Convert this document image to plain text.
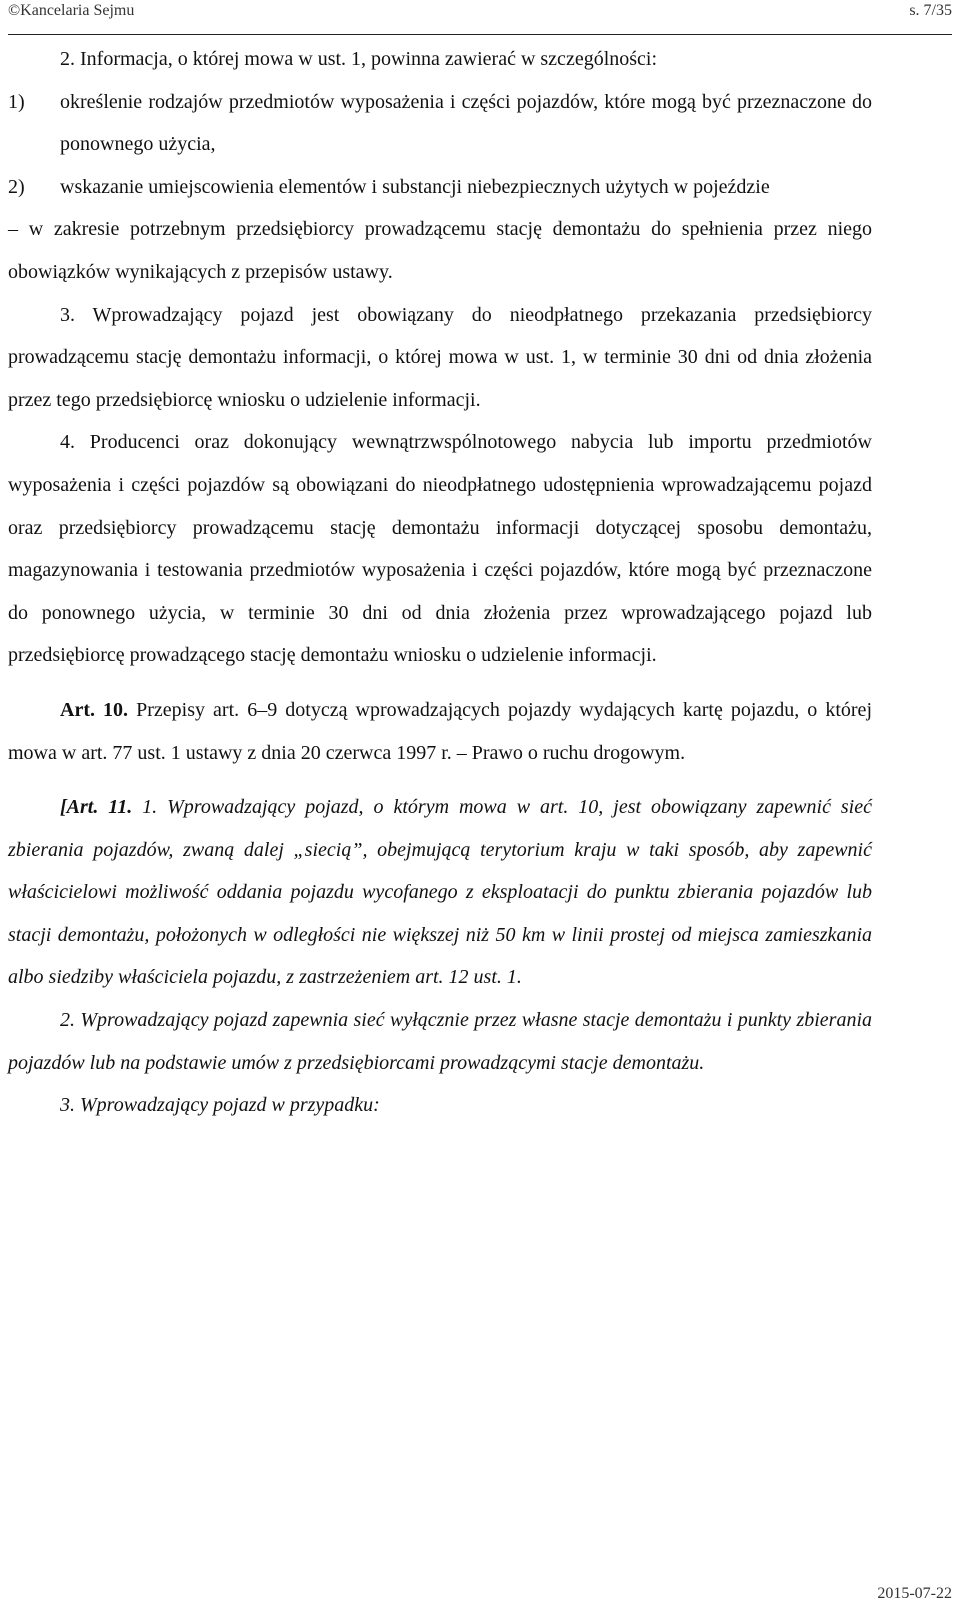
©Kancelaria Sejmu	s. 7/35

2. Informacja, o której mowa w ust. 1, powinna zawierać w szczególności:

1) określenie rodzajów przedmiotów wyposażenia i części pojazdów, które mogą być przeznaczone do ponownego użycia,

2) wskazanie umiejscowienia elementów i substancji niebezpiecznych użytych w pojeździe

– w zakresie potrzebnym przedsiębiorcy prowadzącemu stację demontażu do spełnienia przez niego obowiązków wynikających z przepisów ustawy.

3. Wprowadzający pojazd jest obowiązany do nieodpłatnego przekazania przedsiębiorcy prowadzącemu stację demontażu informacji, o której mowa w ust. 1, w terminie 30 dni od dnia złożenia przez tego przedsiębiorcę wniosku o udzielenie informacji.

4. Producenci oraz dokonujący wewnątrzwspólnotowego nabycia lub importu przedmiotów wyposażenia i części pojazdów są obowiązani do nieodpłatnego udostępnienia wprowadzającemu pojazd oraz przedsiębiorcy prowadzącemu stację demontażu informacji dotyczącej sposobu demontażu, magazynowania i testowania przedmiotów wyposażenia i części pojazdów, które mogą być przeznaczone do ponownego użycia, w terminie 30 dni od dnia złożenia przez wprowadzającego pojazd lub przedsiębiorcę prowadzącego stację demontażu wniosku o udzielenie informacji.

Art. 10. Przepisy art. 6–9 dotyczą wprowadzających pojazdy wydających kartę pojazdu, o której mowa w art. 77 ust. 1 ustawy z dnia 20 czerwca 1997 r. – Prawo o ruchu drogowym.

[Art. 11. 1. Wprowadzający pojazd, o którym mowa w art. 10, jest obowiązany zapewnić sieć zbierania pojazdów, zwaną dalej „siecią”, obejmującą terytorium kraju w taki sposób, aby zapewnić właścicielowi możliwość oddania pojazdu wycofanego z eksploatacji do punktu zbierania pojazdów lub stacji demontażu, położonych w odległości nie większej niż 50 km w linii prostej od miejsca zamieszkania albo siedziby właściciela pojazdu, z zastrzeżeniem art. 12 ust. 1.

2. Wprowadzający pojazd zapewnia sieć wyłącznie przez własne stacje demontażu i punkty zbierania pojazdów lub na podstawie umów z przedsiębiorcami prowadzącymi stacje demontażu.

3. Wprowadzający pojazd w przypadku:

2015-07-22
